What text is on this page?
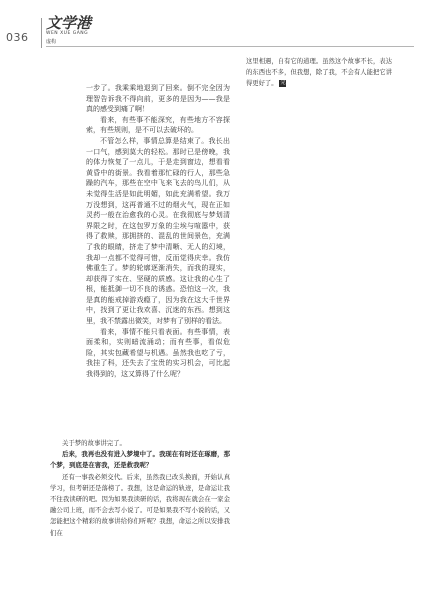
036
文学港
WEN XUE GANG
虚构

一步了。我乘乘地退到了回来。倒不完全因为理智告诉我不得向前，更多的是因为——我是真的感受到痛了啊！

看来，有些事不能深究，有些地方不容探索，有些规则，是不可以去破坏的。

不管怎么样，事情总算是结束了。我长出一口气，感到莫大的轻松。那时已是傍晚，我的体力恢复了一点儿，于是走到窗边，想看看黄昏中的街景。我看着那忙碌的行人，那些急躁的汽车，那些在空中飞来飞去的鸟儿们，从未觉得生活是如此明媚，如此充满希望。我万万没想到，这再普通不过的烟火气，现在正如灵药一般在治愈我的心灵。在我彻底与梦划清界限之时，在这包罗万象的尘埃与喧嚣中，获得了救赎，那拥挤的、混乱的世间景色，充满了我的眼睛，挤走了梦中清晰、无人的幻境，我却一点都不觉得可惜，反而觉得庆幸。我仿佛重生了。梦的轮廓逐渐消失，而我的现实，却获得了实在、坚硬的质感。这让我的心生了根，能抵御一切不良的诱惑。恐怕这一次，我是真的能戒掉游戏瘾了，因为我在这大千世界中，找到了更让我欢喜、沉迷的东西。想到这里，我不禁露出微笑，对梦有了别样的看法。

看来，事情不能只看表面。有些事情，表面柔和，实则暗流涌动；而有些事，看似危险，其实包藏希望与机遇。虽然我也吃了亏，我挂了科，还失去了宝贵的实习机会，可比起我得到的，这又算得了什么呢？

这里相遇，自有它的道理。虽然这个故事不长，表达的东西也不多，但我想，除了我，不会有人能把它讲得更好了。 完

关于梦的故事讲完了。

后来，我再也没有进入梦境中了。我现在有时还在琢磨，那个梦，到底是在害我，还是救我呢？

还有一事我必须交代。后来，虽然我已改头换面，开始认真学习，但考研还是落榜了。我想，这是命运的轨迹，是命运让我不往我读研的吧。因为如果我读研的话，我将现在就会在一家金融公司上班，而不会去写小说了。可是如果我不写小说的话，又怎能把这个精彩的故事讲给你们听呢？我想，命运之所以安排我们在
